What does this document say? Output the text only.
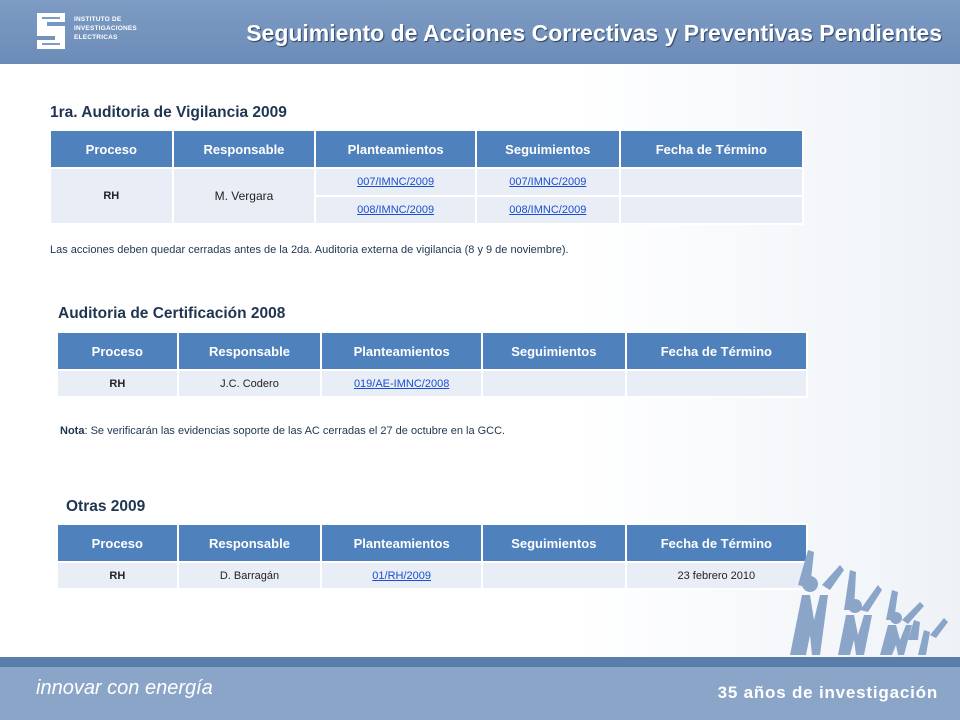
INSTITUTO DE
INVESTIGACIONES
ELECTRICAS	Seguimiento de Acciones Correctivas y Preventivas Pendientes
1ra. Auditoria de Vigilancia 2009
Proceso	Responsable	Planteamientos	Seguimientos	Fecha de Término
RH	M. Vergara	007/IMNC/2009	007/IMNC/2009	
		008/IMNC/2009	008/IMNC/2009	
Las acciones deben quedar cerradas antes de la 2da. Auditoria externa de vigilancia (8 y 9 de noviembre).
Auditoria de Certificación 2008
Proceso	Responsable	Planteamientos	Seguimientos	Fecha de Término
RH	J.C. Codero	019/AE-IMNC/2008		
Nota: Se verificarán las evidencias soporte de las AC cerradas el 27 de octubre en la GCC.
Otras 2009
Proceso	Responsable	Planteamientos	Seguimientos	Fecha de Término
RH	D. Barragán	01/RH/2009		23 febrero 2010
innovar con energía	35 años de investigación
